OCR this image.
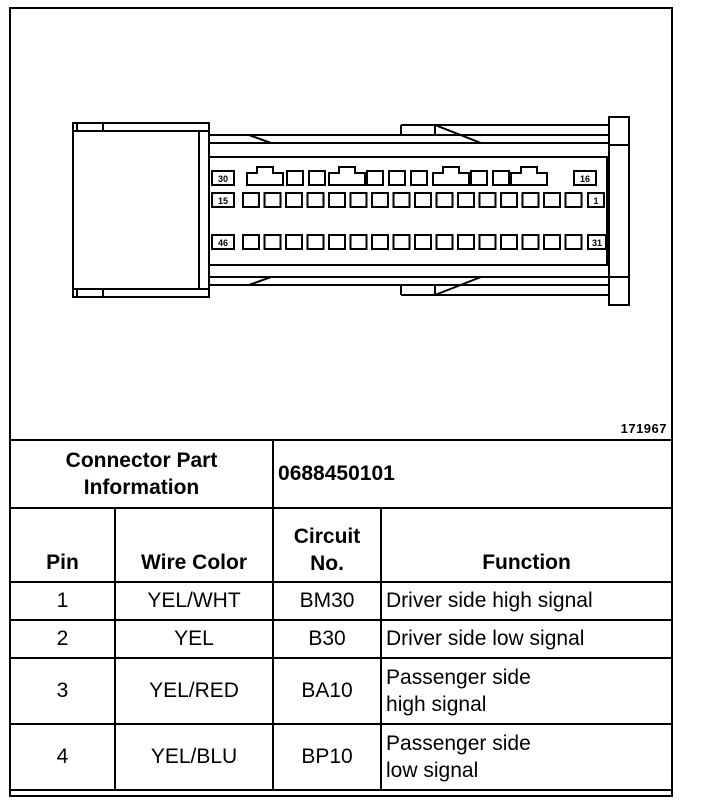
30	16
15	1
46	31
171967
Connector Part Information		0688450101	
Pin	Wire Color	Circuit No.	Function
1	YEL/WHT	BM30	Driver side high signal
2	YEL	B30	Driver side low signal
3	YEL/RED	BA10	Passenger side high signal
4	YEL/BLU	BP10	Passenger side low signal
